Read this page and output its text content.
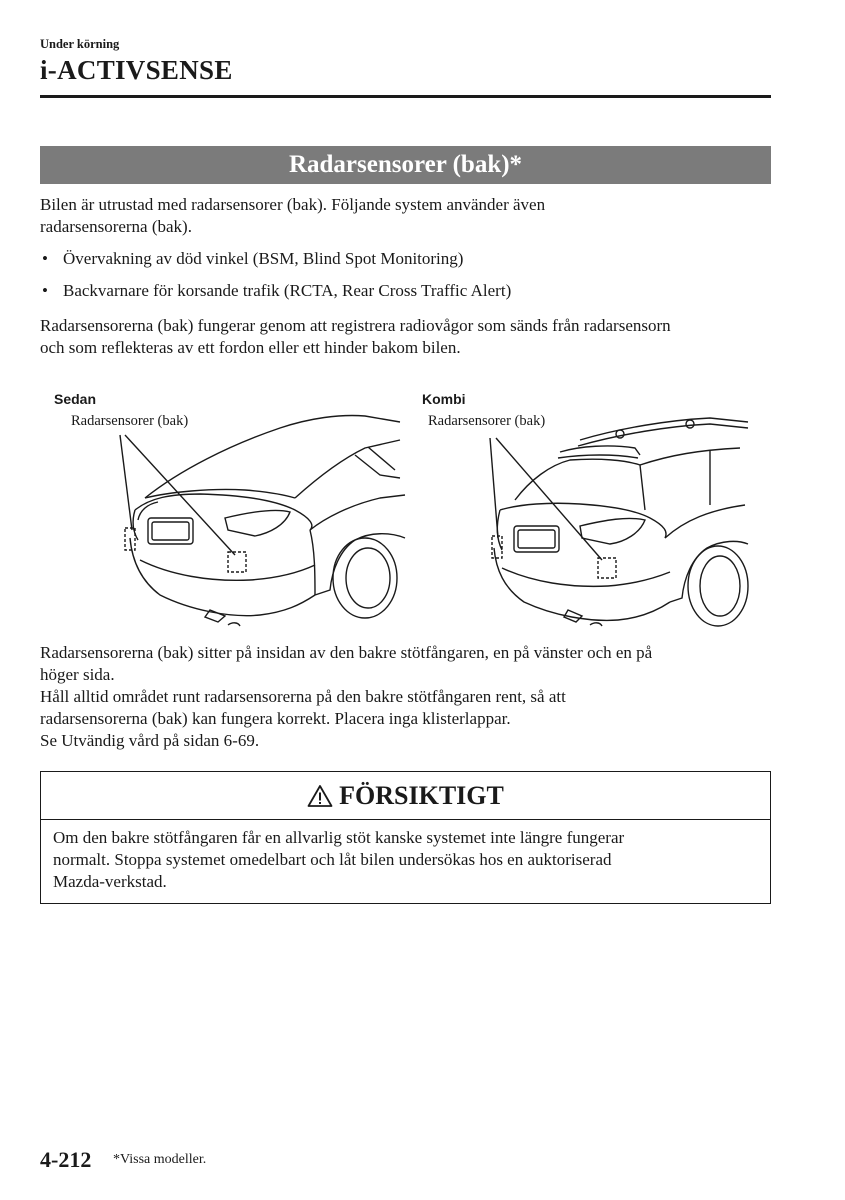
Under körning
i-ACTIVSENSE
Radarsensorer (bak)*
Bilen är utrustad med radarsensorer (bak). Följande system använder även
radarsensorerna (bak).
• Övervakning av död vinkel (BSM, Blind Spot Monitoring)
• Backvarnare för korsande trafik (RCTA, Rear Cross Traffic Alert)
Radarsensorerna (bak) fungerar genom att registrera radiovågor som sänds från radarsensorn
och som reflekteras av ett fordon eller ett hinder bakom bilen.
Sedan
Radarsensorer (bak)
Kombi
Radarsensorer (bak)
Radarsensorerna (bak) sitter på insidan av den bakre stötfångaren, en på vänster och en på
höger sida.
Håll alltid området runt radarsensorerna på den bakre stötfångaren rent, så att
radarsensorerna (bak) kan fungera korrekt. Placera inga klisterlappar.
Se Utvändig vård på sidan 6-69.
FÖRSIKTIGT
Om den bakre stötfångaren får en allvarlig stöt kanske systemet inte längre fungerar
normalt. Stoppa systemet omedelbart och låt bilen undersökas hos en auktoriserad
Mazda-verkstad.
4-212 *Vissa modeller.
